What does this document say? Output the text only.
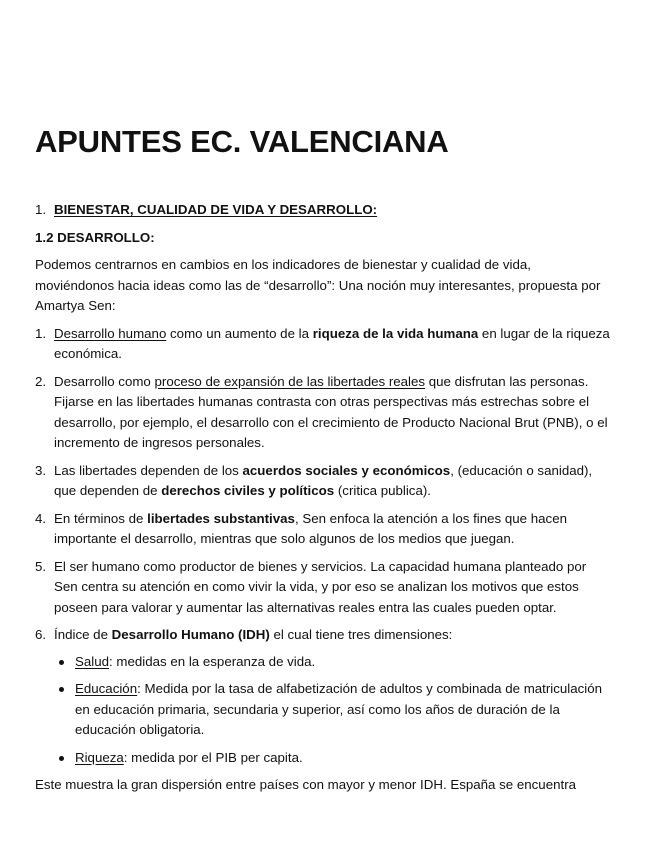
APUNTES EC. VALENCIANA

1. BIENESTAR, CUALIDAD DE VIDA Y DESARROLLO:

1.2 DESARROLLO:

Podemos centrarnos en cambios en los indicadores de bienestar y cualidad de vida, moviéndonos hacia ideas como las de “desarrollo”: Una noción muy interesantes, propuesta por Amartya Sen:

1. Desarrollo humano como un aumento de la riqueza de la vida humana en lugar de la riqueza económica.
2. Desarrollo como proceso de expansión de las libertades reales que disfrutan las personas. Fijarse en las libertades humanas contrasta con otras perspectivas más estrechas sobre el desarrollo, por ejemplo, el desarrollo con el crecimiento de Producto Nacional Brut (PNB), o el incremento de ingresos personales.
3. Las libertades dependen de los acuerdos sociales y económicos, (educación o sanidad), que dependen de derechos civiles y políticos (critica publica).
4. En términos de libertades substantivas, Sen enfoca la atención a los fines que hacen importante el desarrollo, mientras que solo algunos de los medios que juegan.
5. El ser humano como productor de bienes y servicios. La capacidad humana planteado por Sen centra su atención en como vivir la vida, y por eso se analizan los motivos que estos poseen para valorar y aumentar las alternativas reales entra las cuales pueden optar.
6. Índice de Desarrollo Humano (IDH) el cual tiene tres dimensiones:
Salud: medidas en la esperanza de vida.
Educación: Medida por la tasa de alfabetización de adultos y combinada de matriculación en educación primaria, secundaria y superior, así como los años de duración de la educación obligatoria.
Riqueza: medida por el PIB per capita.

Este muestra la gran dispersión entre países con mayor y menor IDH. España se encuentra
